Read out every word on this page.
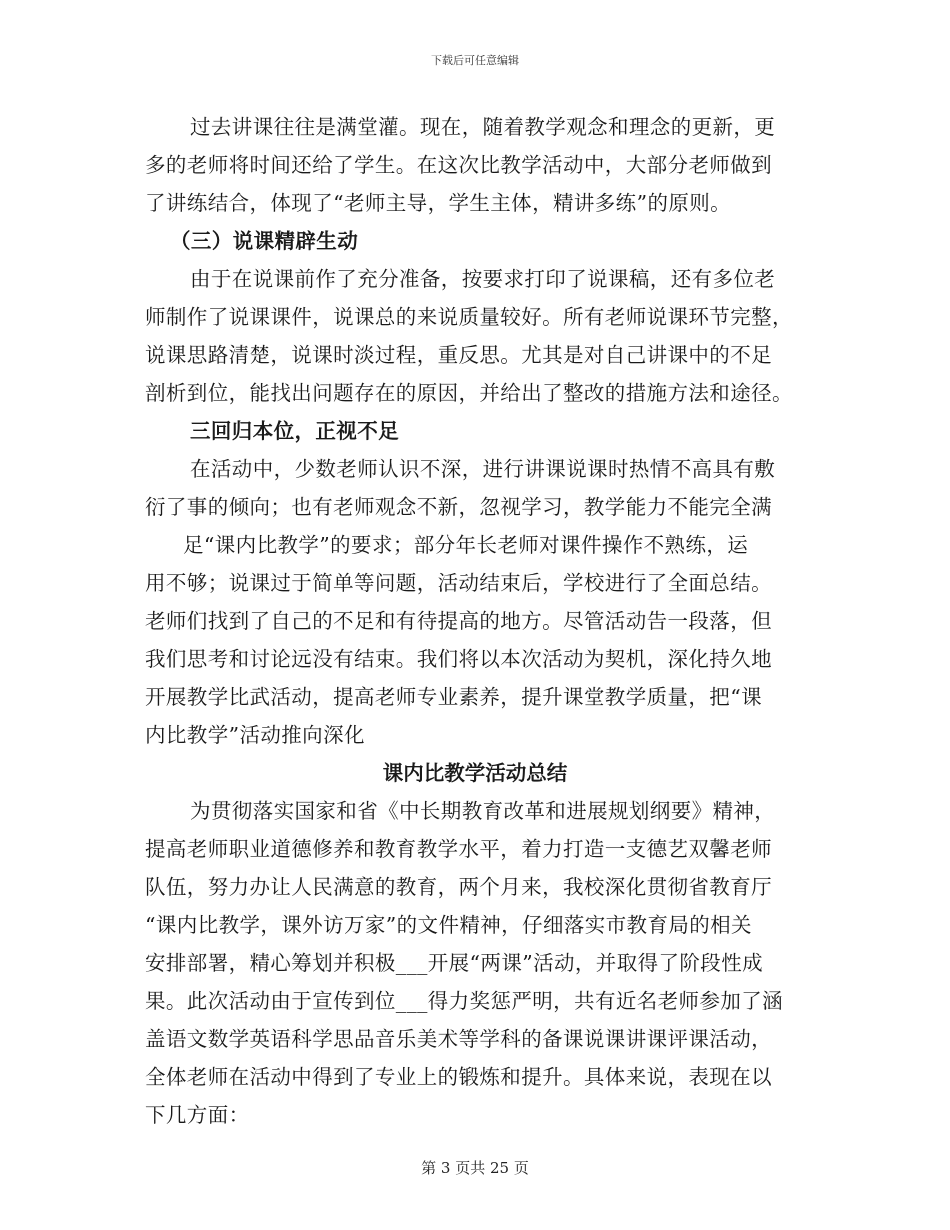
下载后可任意编辑
过去讲课往往是满堂灌。现在，随着教学观念和理念的更新，更
多的老师将时间还给了学生。在这次比教学活动中，大部分老师做到
了讲练结合，体现了“老师主导，学生主体，精讲多练”的原则。
（三）说课精辟生动
由于在说课前作了充分准备，按要求打印了说课稿，还有多位老
师制作了说课课件，说课总的来说质量较好。所有老师说课环节完整，
说课思路清楚，说课时淡过程，重反思。尤其是对自己讲课中的不足
剖析到位，能找出问题存在的原因，并给出了整改的措施方法和途径。
三回归本位，正视不足
在活动中，少数老师认识不深，进行讲课说课时热情不高具有敷
衍了事的倾向；也有老师观念不新，忽视学习，教学能力不能完全满
足“课内比教学”的要求；部分年长老师对课件操作不熟练，运
用不够；说课过于简单等问题，活动结束后，学校进行了全面总结。
老师们找到了自己的不足和有待提高的地方。尽管活动告一段落，但
我们思考和讨论远没有结束。我们将以本次活动为契机，深化持久地
开展教学比武活动，提高老师专业素养，提升课堂教学质量，把“课
内比教学”活动推向深化
课内比教学活动总结
为贯彻落实国家和省《中长期教育改革和进展规划纲要》精神，
提高老师职业道德修养和教育教学水平，着力打造一支德艺双馨老师
队伍，努力办让人民满意的教育，两个月来，我校深化贯彻省教育厅
“课内比教学，课外访万家”的文件精神，仔细落实市教育局的相关
安排部署，精心筹划并积极___开展“两课”活动，并取得了阶段性成
果。此次活动由于宣传到位___得力奖惩严明，共有近名老师参加了涵
盖语文数学英语科学思品音乐美术等学科的备课说课讲课评课活动，
全体老师在活动中得到了专业上的锻炼和提升。具体来说，表现在以
下几方面：
第 3 页共 25 页
